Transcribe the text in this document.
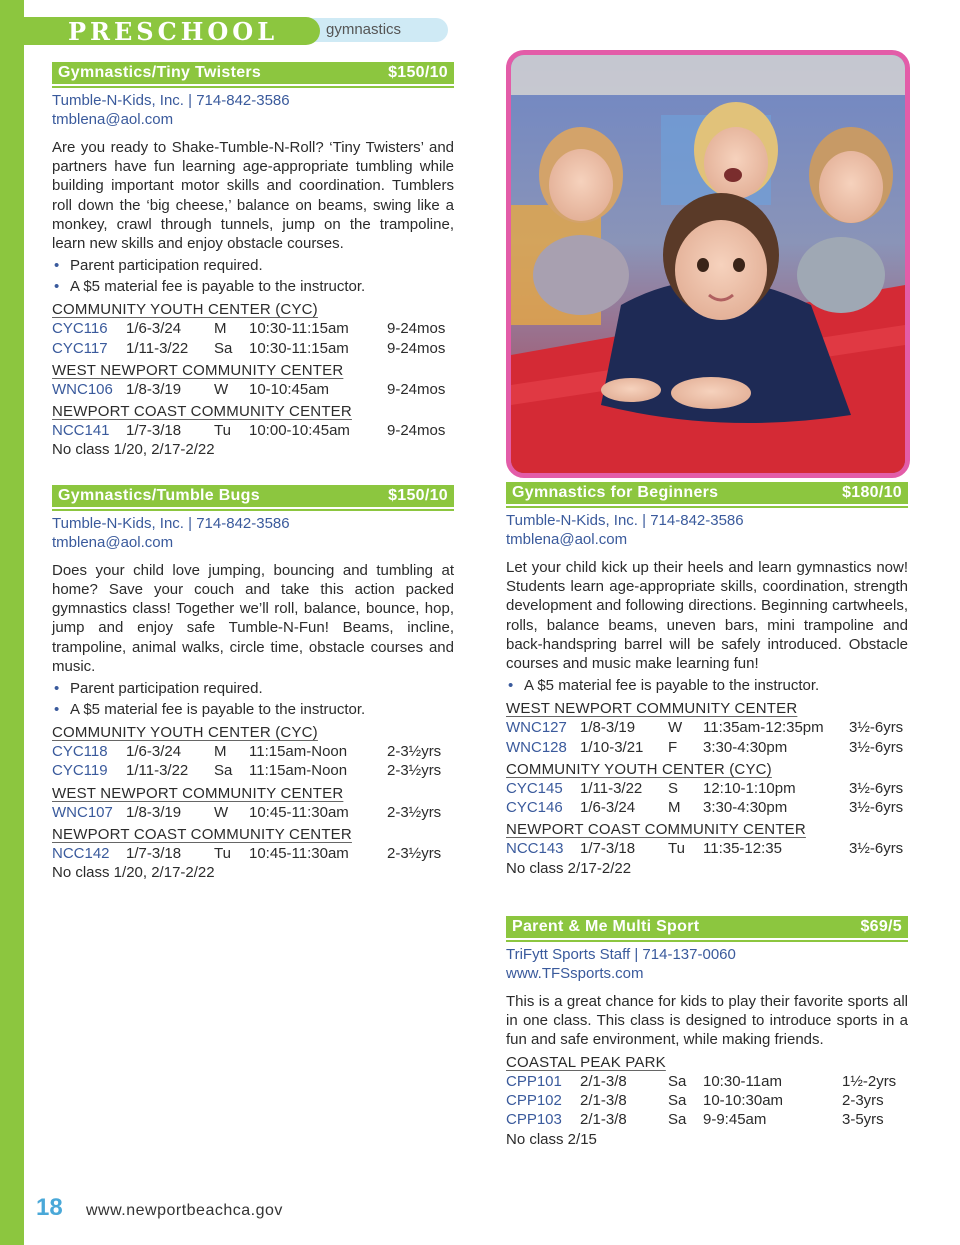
PRESCHOOL	gymnastics
Gymnastics/Tiny Twisters	$150/10
Tumble-N-Kids, Inc. | 714-842-3586
tmblena@aol.com
Are you ready to Shake-Tumble-N-Roll? ‘Tiny Twisters’ and partners have fun learning age-appropriate tumbling while building important motor skills and coordination. Tumblers roll down the ‘big cheese,’ balance on beams, swing like a monkey, crawl through tunnels, jump on the trampoline, learn new skills and enjoy obstacle courses.
• Parent participation required.
• A $5 material fee is payable to the instructor.
COMMUNITY YOUTH CENTER (CYC)
CYC116 1/6-3/24 M 10:30-11:15am	9-24mos
CYC117 1/11-3/22 Sa 10:30-11:15am	9-24mos
WEST NEWPORT COMMUNITY CENTER
WNC106 1/8-3/19 W 10-10:45am	9-24mos
NEWPORT COAST COMMUNITY CENTER
NCC141 1/7-3/18 Tu 10:00-10:45am 9-24mos
No class 1/20, 2/17-2/22
Gymnastics/Tumble Bugs	$150/10
Tumble-N-Kids, Inc. | 714-842-3586
tmblena@aol.com
Does your child love jumping, bouncing and tumbling at home? Save your couch and take this action packed gymnastics class! Together we’ll roll, balance, bounce, hop, jump and enjoy safe Tumble-N-Fun! Beams, incline, trampoline, animal walks, circle time, obstacle courses and music.
• Parent participation required.
• A $5 material fee is payable to the instructor.
COMMUNITY YOUTH CENTER (CYC)
CYC118 1/6-3/24 M 11:15am-Noon	2-3½yrs
CYC119 1/11-3/22 Sa 11:15am-Noon	2-3½yrs
WEST NEWPORT COMMUNITY CENTER
WNC107 1/8-3/19 W 10:45-11:30am	2-3½yrs
NEWPORT COAST COMMUNITY CENTER
NCC142 1/7-3/18 Tu 10:45-11:30am	2-3½yrs
No class 1/20, 2/17-2/22
Gymnastics for Beginners	$180/10
Tumble-N-Kids, Inc. | 714-842-3586
tmblena@aol.com
Let your child kick up their heels and learn gymnastics now! Students learn age-appropriate skills, coordination, strength development and following directions. Beginning cartwheels, rolls, balance beams, uneven bars, mini trampoline and back-handspring barrel will be safely introduced. Obstacle courses and music make learning fun!
• A $5 material fee is payable to the instructor.
WEST NEWPORT COMMUNITY CENTER
WNC127 1/8-3/19 W 11:35am-12:35pm 3½-6yrs
WNC128 1/10-3/21 F 3:30-4:30pm	3½-6yrs
COMMUNITY YOUTH CENTER (CYC)
CYC145 1/11-3/22 S 12:10-1:10pm	3½-6yrs
CYC146 1/6-3/24 M 3:30-4:30pm	3½-6yrs
NEWPORT COAST COMMUNITY CENTER
NCC143 1/7-3/18 Tu 11:35-12:35	3½-6yrs
No class 2/17-2/22
Parent & Me Multi Sport	$69/5
TriFytt Sports Staff | 714-137-0060
www.TFSsports.com
This is a great chance for kids to play their favorite sports all in one class. This class is designed to introduce sports in a fun and safe environment, while making friends.
COASTAL PEAK PARK
CPP101 2/1-3/8	Sa 10:30-11am	1½-2yrs
CPP102 2/1-3/8	Sa 10-10:30am	2-3yrs
CPP103 2/1-3/8	Sa 9-9:45am	3-5yrs
No class 2/15
18 www.newportbeachca.gov
